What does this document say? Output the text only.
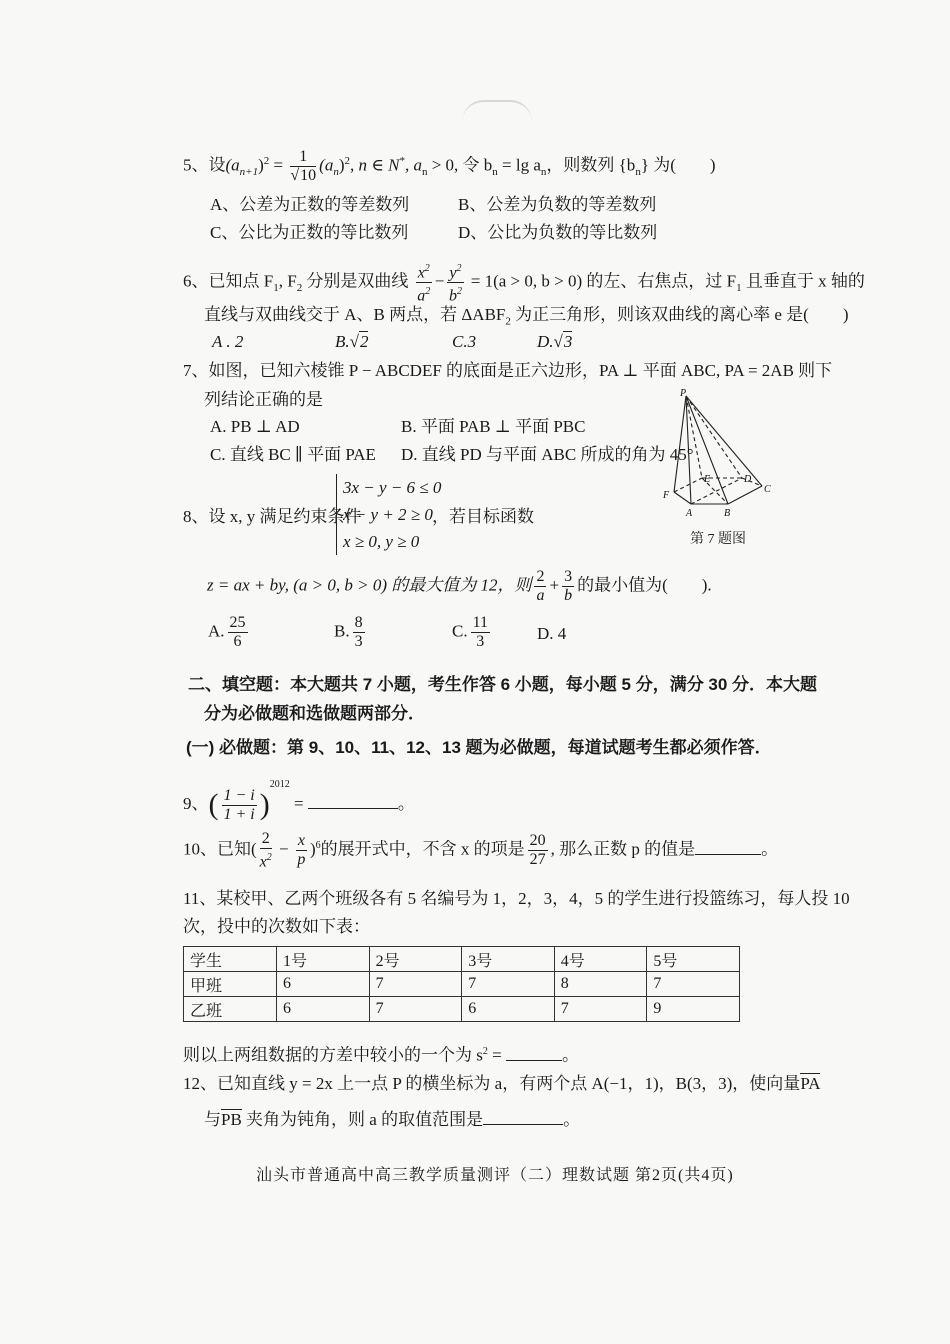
5、设$(a_{n+1})^2 = \frac{1}{√10} (a_n)^2$, n ∈ N*, $a_n > 0$, 令 $b_n = \lg a_n$，则数列 $\{b_n\}$ 为(　　)
A、公差为正数的等差数列	B、公差为负数的等差数列
C、公比为正数的等比数列	D、公比为负数的等比数列
6、已知点 $F_1$, $F_2$ 分别是双曲线 $\frac{x^2}{a^2} - \frac{y^2}{b^2} = 1(a > 0$, b > 0) 的左、右焦点，过 $F_1$ 且垂直于 x 轴的
直线与双曲线交于 A、B 两点，若 $\Delta ABF_2$ 为正三角形，则该双曲线的离心率 e 是(　　)
A . 2	B.√2	C.3	D.√3
7、如图，已知六棱锥 P − ABCDEF 的底面是正六边形，PA ⊥ 平面 ABC, PA = 2AB 则下
列结论正确的是
A. PB ⊥ AD	B. 平面 PAB ⊥ 平面 PBC
C. 直线 BC ∥ 平面 PAE D. 直线 PD 与平面 ABC 所成的角为 45°
P
F
A	B
E	D
C
第 7 题图
8、设 x, y 满足约束条件
3x − y − 6 ≤ 0
x − y + 2 ≥ 0
x ≥ 0, y ≥ 0
，若目标函数
z = ax + by, (a > 0, b > 0) 的最大值为 12，则 $\frac{2}{a} + \frac{3}{b}$ 的最小值为(　　).
A. $\frac{25}{6}$	B. $\frac{8}{3}$	C. $\frac{11}{3}$	D. 4
二、填空题：本大题共 7 小题，考生作答 6 小题，每小题 5 分，满分 30 分．本大题
分为必做题和选做题两部分．
(一) 必做题：第 9、10、11、12、13 题为必做题，每道试题考生都必须作答．
9、( $\frac{1 - i}{1 + i} )^{2012}$ =	。
10、已知( $\frac{2}{x^2} - \frac{x}{p} )^6$的展开式中，不含 x 的项是 $\frac{20}{27}$ , 那么正数 p 的值是	。
11、某校甲、乙两个班级各有 5 名编号为 1，2，3，4，5 的学生进行投篮练习，每人投 10
次，投中的次数如下表：
学生	1号	2号	3号	4号	5号
甲班	6	7	7	8	7
乙班	6	7	6	7	9
则以上两组数据的方差中较小的一个为 $s^2$ =	。
12、已知直线 y = 2x 上一点 P 的横坐标为 a，有两个点 A(−1，1)，B(3，3)，使向量PA
与PB 夹角为钝角，则 a 的取值范围是	。
汕头市普通高中高三教学质量测评（二）理数试题 第2页(共4页)
